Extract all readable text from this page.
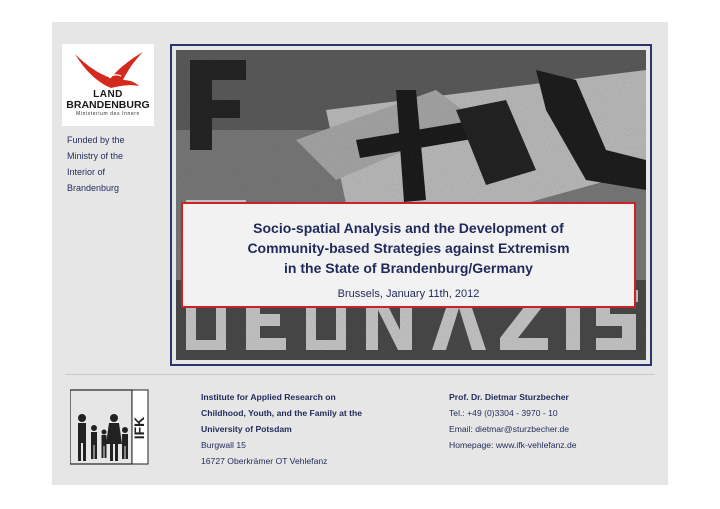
LAND
BRANDENBURG
Ministerium des Innern
Funded by the
Ministry of the
Interior of
Brandenburg
Socio-spatial Analysis and the Development of
Community-based Strategies against Extremism
in the State of Brandenburg/Germany
Brussels, January 11th, 2012
IFK
Institute for Applied Research on
Childhood, Youth, and the Family at the
University of Potsdam
Burgwall 15
16727 Oberkrämer OT Vehlefanz
Prof. Dr. Dietmar Sturzbecher
Tel.: +49 (0)3304 - 3970 - 10
Email: dietmar@sturzbecher.de
Homepage: www.ifk-vehlefanz.de
